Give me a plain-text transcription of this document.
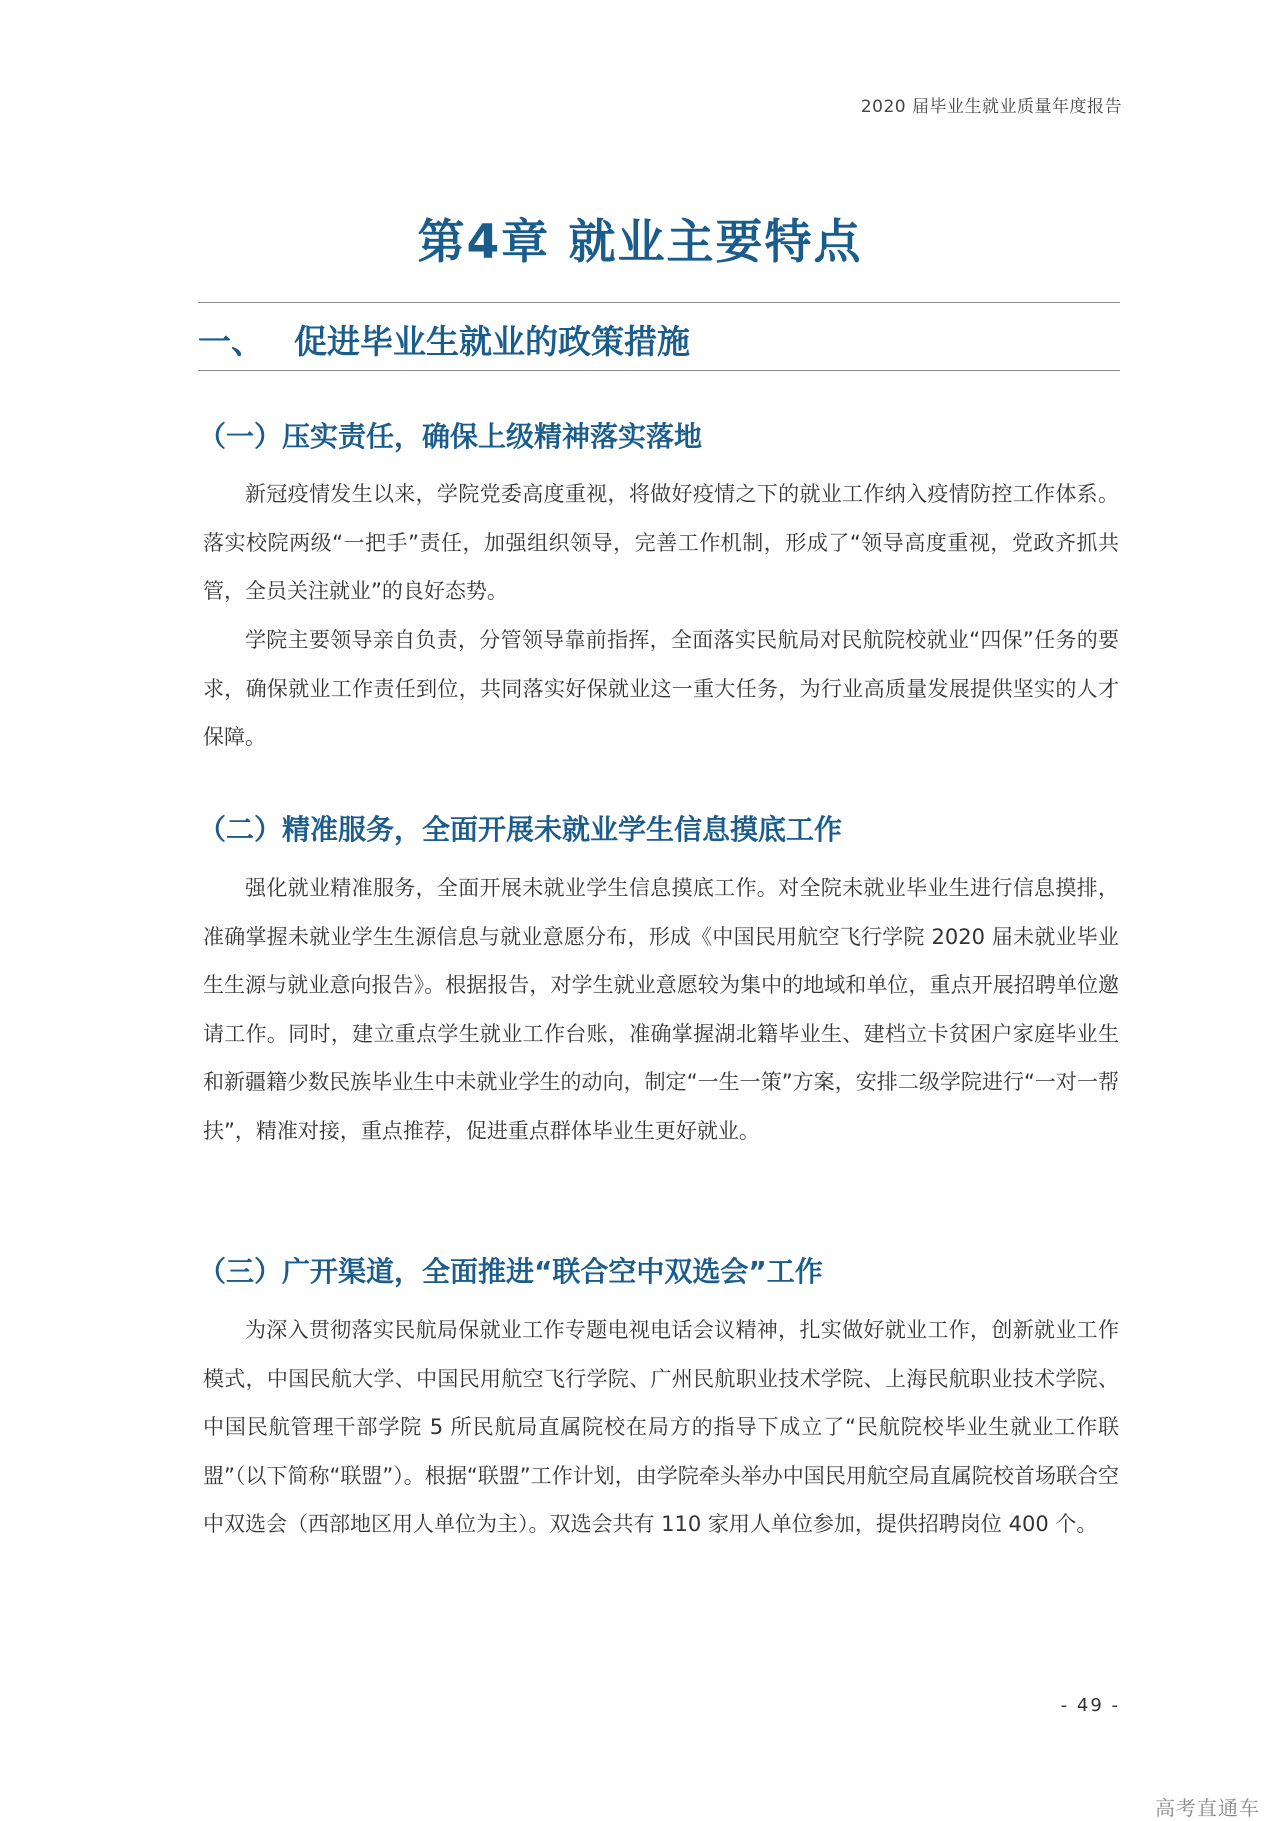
2020 届毕业生就业质量年度报告
第4章 就业主要特点
一、 促进毕业生就业的政策措施
（一）压实责任，确保上级精神落实落地

新冠疫情发生以来，学院党委高度重视，将做好疫情之下的就业工作纳入疫情防控工作体系。落实校院两级“一把手”责任，加强组织领导，完善工作机制，形成了“领导高度重视，党政齐抓共管，全员关注就业”的良好态势。

学院主要领导亲自负责，分管领导靠前指挥，全面落实民航局对民航院校就业“四保”任务的要求，确保就业工作责任到位，共同落实好保就业这一重大任务，为行业高质量发展提供坚实的人才保障。

（二）精准服务，全面开展未就业学生信息摸底工作

强化就业精准服务，全面开展未就业学生信息摸底工作。对全院未就业毕业生进行信息摸排，准确掌握未就业学生生源信息与就业意愿分布，形成《中国民用航空飞行学院 2020 届未就业毕业生生源与就业意向报告》。根据报告，对学生就业意愿较为集中的地域和单位，重点开展招聘单位邀请工作。同时，建立重点学生就业工作台账，准确掌握湖北籍毕业生、建档立卡贫困户家庭毕业生和新疆籍少数民族毕业生中未就业学生的动向，制定“一生一策”方案，安排二级学院进行“一对一帮扶”，精准对接，重点推荐，促进重点群体毕业生更好就业。

（三）广开渠道，全面推进“联合空中双选会”工作

为深入贯彻落实民航局保就业工作专题电视电话会议精神，扎实做好就业工作，创新就业工作模式，中国民航大学、中国民用航空飞行学院、广州民航职业技术学院、上海民航职业技术学院、中国民航管理干部学院 5 所民航局直属院校在局方的指导下成立了“民航院校毕业生就业工作联盟”（以下简称“联盟”）。根据“联盟”工作计划，由学院牵头举办中国民用航空局直属院校首场联合空中双选会（西部地区用人单位为主）。双选会共有 110 家用人单位参加，提供招聘岗位 400 个。

- 49 -
高考直通车
